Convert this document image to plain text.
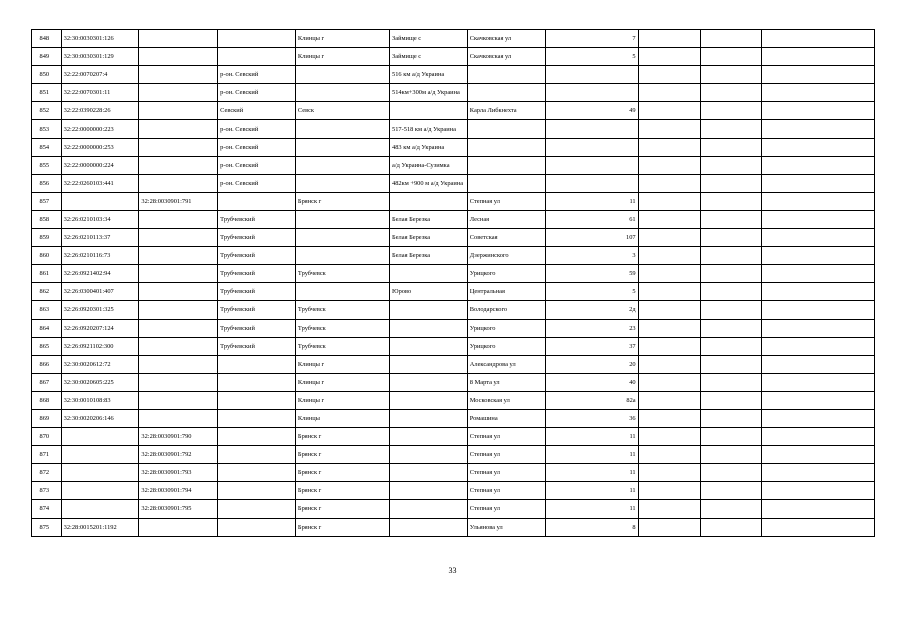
848	32:30:0030301:126			Клинцы г	Займище с	Скачковская ул	7			
849	32:30:0030301:129			Клинцы г	Займище с	Скачковская ул	5			
850	32:22:0070207:4		р-он. Севский		516 км а/д Украина					
851	32:22:0070301:11		р-он. Севский		514км+300м а/д Украина					
852	32:22:0390228:26		Севский	Севск		Карла Либкнехта	49			
853	32:22:0000000:223		р-он. Севский		517-518 км а/д Украина					
854	32:22:0000000:253		р-он. Севский		483 км а/д Украина					
855	32:22:0000000:224		р-он. Севский		а/д Украина-Сузимка					
856	32:22:0260103:441		р-он. Севский		482км +900 м а/д Украина					
857		32:28:0030901:791		Брянск г		Степная ул	11			
858	32:26:0210103:34		Трубчевский		Белая Березка	Лесная	61			
859	32:26:0210113:37		Трубчевский		Белая Березка	Советская	107			
860	32:26:0210116:73		Трубчевский		Белая Березка	Дзержинского	3			
861	32:26:0921402:94		Трубчевский	Трубчевск		Урицкого	59			
862	32:26:0300401:407		Трубчевский		Юрово	Центральная	5			
863	32:26:0920301:325		Трубчевский	Трубчевск		Володарского	2д			
864	32:26:0920207:124		Трубчевский	Трубчевск		Урицкого	23			
865	32:26:0921102:300		Трубчевский	Трубчевск		Урицкого	37			
866	32:30:0020612:72			Клинцы г		Александрова ул	20			
867	32:30:0020605:225			Клинцы г		8 Марта ул	40			
868	32:30:0010108:83			Клинцы г		Московская ул	82а			
869	32:30:0020206:146			Клинцы		Ромашина	36			
870		32:28:0030901:790		Брянск г		Степная ул	11			
871		32:28:0030901:792		Брянск г		Степная ул	11			
872		32:28:0030901:793		Брянск г		Степная ул	11			
873		32:28:0030901:794		Брянск г		Степная ул	11			
874		32:28:0030901:795		Брянск г		Степная ул	11			
875	32:28:0015201:1192			Брянск г		Ульянова ул	8			
33
